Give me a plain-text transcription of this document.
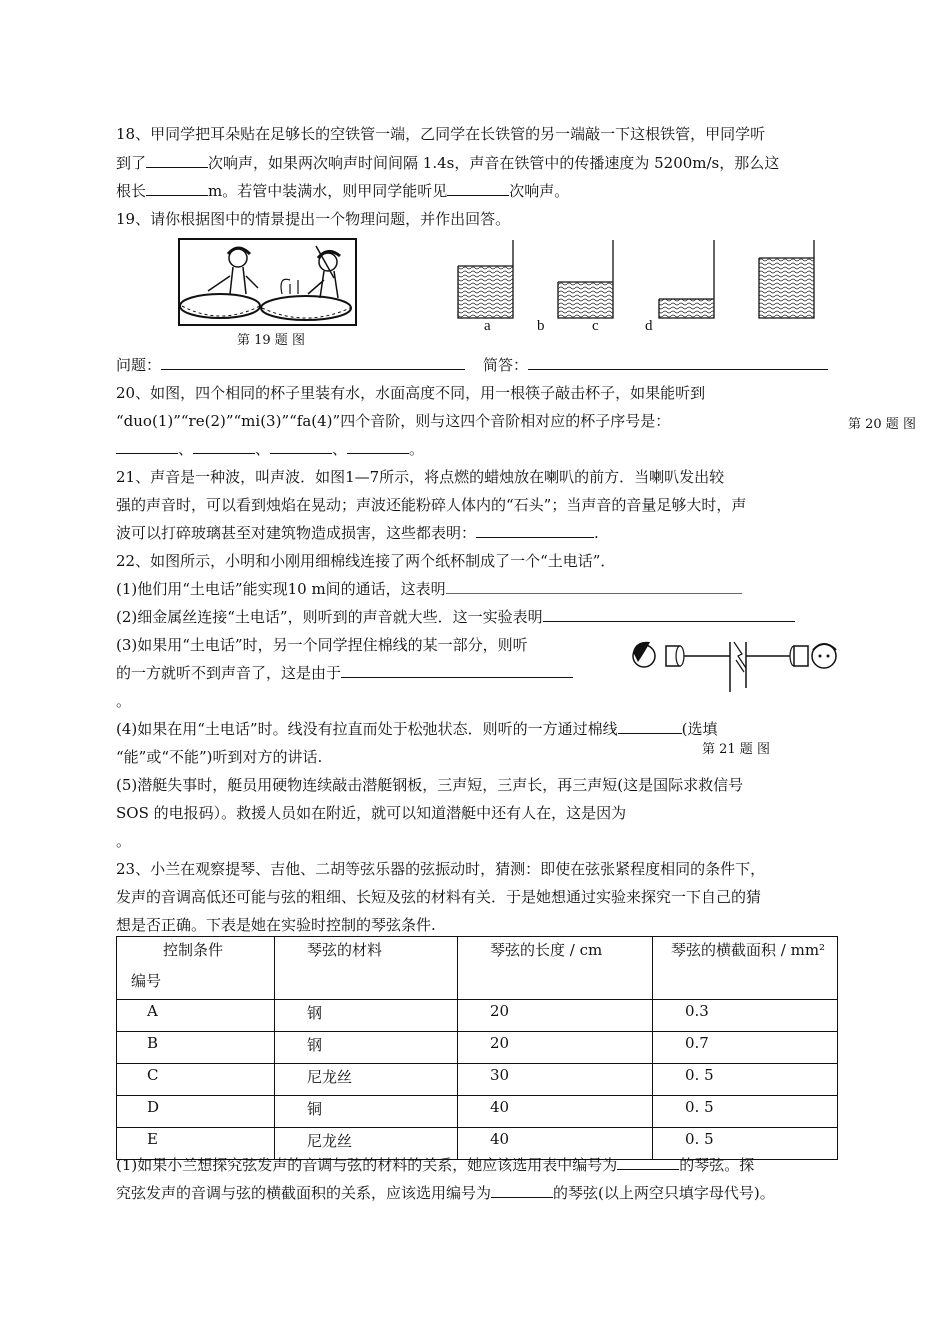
18、甲同学把耳朵贴在足够长的空铁管一端，乙同学在长铁管的另一端敲一下这根铁管，甲同学听
到了	次响声，如果两次响声时间间隔 1.4s，声音在铁管中的传播速度为 5200m/s，那么这
根长	m。若管中装满水，则甲同学能听见	次响声。
19、请你根据图中的情景提出一个物理问题，并作出回答。
第 19 题 图
a	b	c	d
问题：	简答：
20、如图，四个相同的杯子里装有水，水面高度不同，用一根筷子敲击杯子，如果能听到
“duo(1)”“re(2)”“mi(3)”“fa(4)”四个音阶，则与这四个音阶相对应的杯子序号是：	第 20 题 图
、	、	、	。
21、声音是一种波，叫声波．如图1—7所示，将点燃的蜡烛放在喇叭的前方．当喇叭发出较
强的声音时，可以看到烛焰在晃动；声波还能粉碎人体内的“石头”；当声音的音量足够大时，声
波可以打碎玻璃甚至对建筑物造成损害，这些都表明：	.
22、如图所示，小明和小刚用细棉线连接了两个纸杯制成了一个“土电话”．
(1)他们用“土电话”能实现10 m间的通话，这表明
(2)细金属丝连接“土电话”，则听到的声音就大些．这一实验表明
(3)如果用“土电话”时，另一个同学捏住棉线的某一部分，则听
的一方就听不到声音了，这是由于
。
(4)如果在用“土电话”时。线没有拉直而处于松弛状态．则听的一方通过棉线	(选填
第 21 题 图
“能”或“不能”)听到对方的讲话.
(5)潜艇失事时，艇员用硬物连续敲击潜艇钢板，三声短，三声长，再三声短(这是国际求救信号
SOS 的电报码）。救援人员如在附近，就可以知道潜艇中还有人在，这是因为
。
23、小兰在观察提琴、吉他、二胡等弦乐器的弦振动时，猜测：即使在弦张紧程度相同的条件下，
发声的音调高低还可能与弦的粗细、长短及弦的材料有关．于是她想通过实验来探究一下自己的猜
想是否正确。下表是她在实验时控制的琴弦条件.
控制条件
编号	琴弦的材料	琴弦的长度 / cm	琴弦的横截面积 / mm²
A	钢	20	0.3
B	钢	20	0.7
C	尼龙丝	30	0. 5
D	铜	40	0. 5
E	尼龙丝	40	0. 5
(1)如果小兰想探究弦发声的音调与弦的材料的关系，她应该选用表中编号为	的琴弦。探
究弦发声的音调与弦的横截面积的关系，应该选用编号为	的琴弦(以上两空只填字母代号)。
